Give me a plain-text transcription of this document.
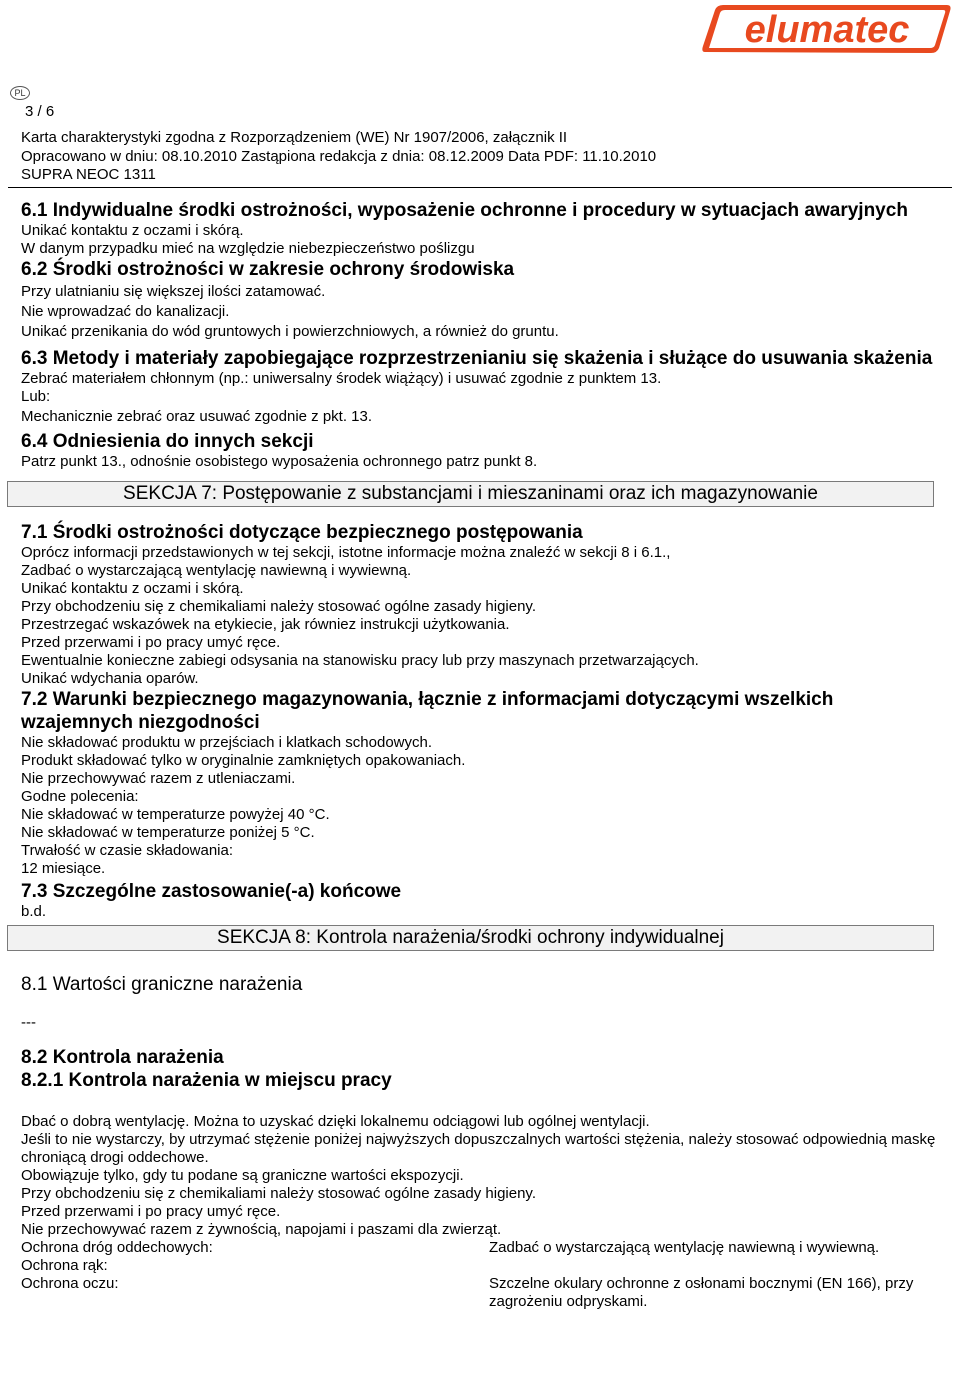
elumatec
PL
3 / 6
Karta charakterystyki zgodna z Rozporządzeniem (WE) Nr 1907/2006, załącznik II
Opracowano w dniu: 08.10.2010 Zastąpiona redakcja z dnia: 08.12.2009 Data PDF: 11.10.2010
SUPRA NEOC 1311
6.1 Indywidualne środki ostrożności, wyposażenie ochronne i procedury w sytuacjach awaryjnych
Unikać kontaktu z oczami i skórą.
W danym przypadku mieć na względzie niebezpieczeństwo poślizgu
6.2 Środki ostrożności w zakresie ochrony środowiska
Przy ulatnianiu się większej ilości zatamować.
Nie wprowadzać do kanalizacji.
Unikać przenikania do wód gruntowych i powierzchniowych, a również do gruntu.
6.3 Metody i materiały zapobiegające rozprzestrzenianiu się skażenia i służące do usuwania skażenia
Zebrać materiałem chłonnym (np.: uniwersalny środek wiążący) i usuwać zgodnie z punktem 13.
Lub:
Mechanicznie zebrać oraz usuwać zgodnie z pkt. 13.
6.4 Odniesienia do innych sekcji
Patrz punkt 13., odnośnie osobistego wyposażenia ochronnego patrz punkt 8.
SEKCJA 7: Postępowanie z substancjami i mieszaninami oraz ich magazynowanie
7.1 Środki ostrożności dotyczące bezpiecznego postępowania
Oprócz informacji przedstawionych w tej sekcji, istotne informacje można znaleźć w sekcji 8 i 6.1.,
Zadbać o wystarczającą wentylację nawiewną i wywiewną.
Unikać kontaktu z oczami i skórą.
Przy obchodzeniu się z chemikaliami należy stosować ogólne zasady higieny.
Przestrzegać wskazówek na etykiecie, jak równiez instrukcji użytkowania.
Przed przerwami i po pracy umyć ręce.
Ewentualnie konieczne zabiegi odsysania na stanowisku pracy lub przy maszynach przetwarzających.
Unikać wdychania oparów.
7.2 Warunki bezpiecznego magazynowania, łącznie z informacjami dotyczącymi wszelkich wzajemnych niezgodności
Nie składować produktu w przejściach i klatkach schodowych.
Produkt składować tylko w oryginalnie zamkniętych opakowaniach.
Nie przechowywać razem z utleniaczami.
Godne polecenia:
Nie składować w temperaturze powyżej 40 °C.
Nie składować w temperaturze poniżej 5 °C.
Trwałość w czasie składowania:
12 miesiące.
7.3 Szczególne zastosowanie(-a) końcowe
b.d.
SEKCJA 8: Kontrola narażenia/środki ochrony indywidualnej
8.1 Wartości graniczne narażenia
---
8.2 Kontrola narażenia
8.2.1 Kontrola narażenia w miejscu pracy
Dbać o dobrą wentylację. Można to uzyskać dzięki lokalnemu odciągowi lub ogólnej wentylacji.
Jeśli to nie wystarczy, by utrzymać stężenie poniżej najwyższych dopuszczalnych wartości stężenia, należy stosować odpowiednią maskę chroniącą drogi oddechowe.
Obowiązuje tylko, gdy tu podane są graniczne wartości ekspozycji.
Przy obchodzeniu się z chemikaliami należy stosować ogólne zasady higieny.
Przed przerwami i po pracy umyć ręce.
Nie przechowywać razem z żywnością, napojami i paszami dla zwierząt.
Ochrona dróg oddechowych:	Zadbać o wystarczającą wentylację nawiewną i wywiewną.
Ochrona rąk:
Ochrona oczu:	Szczelne okulary ochronne z osłonami bocznymi (EN 166), przy zagrożeniu odpryskami.
